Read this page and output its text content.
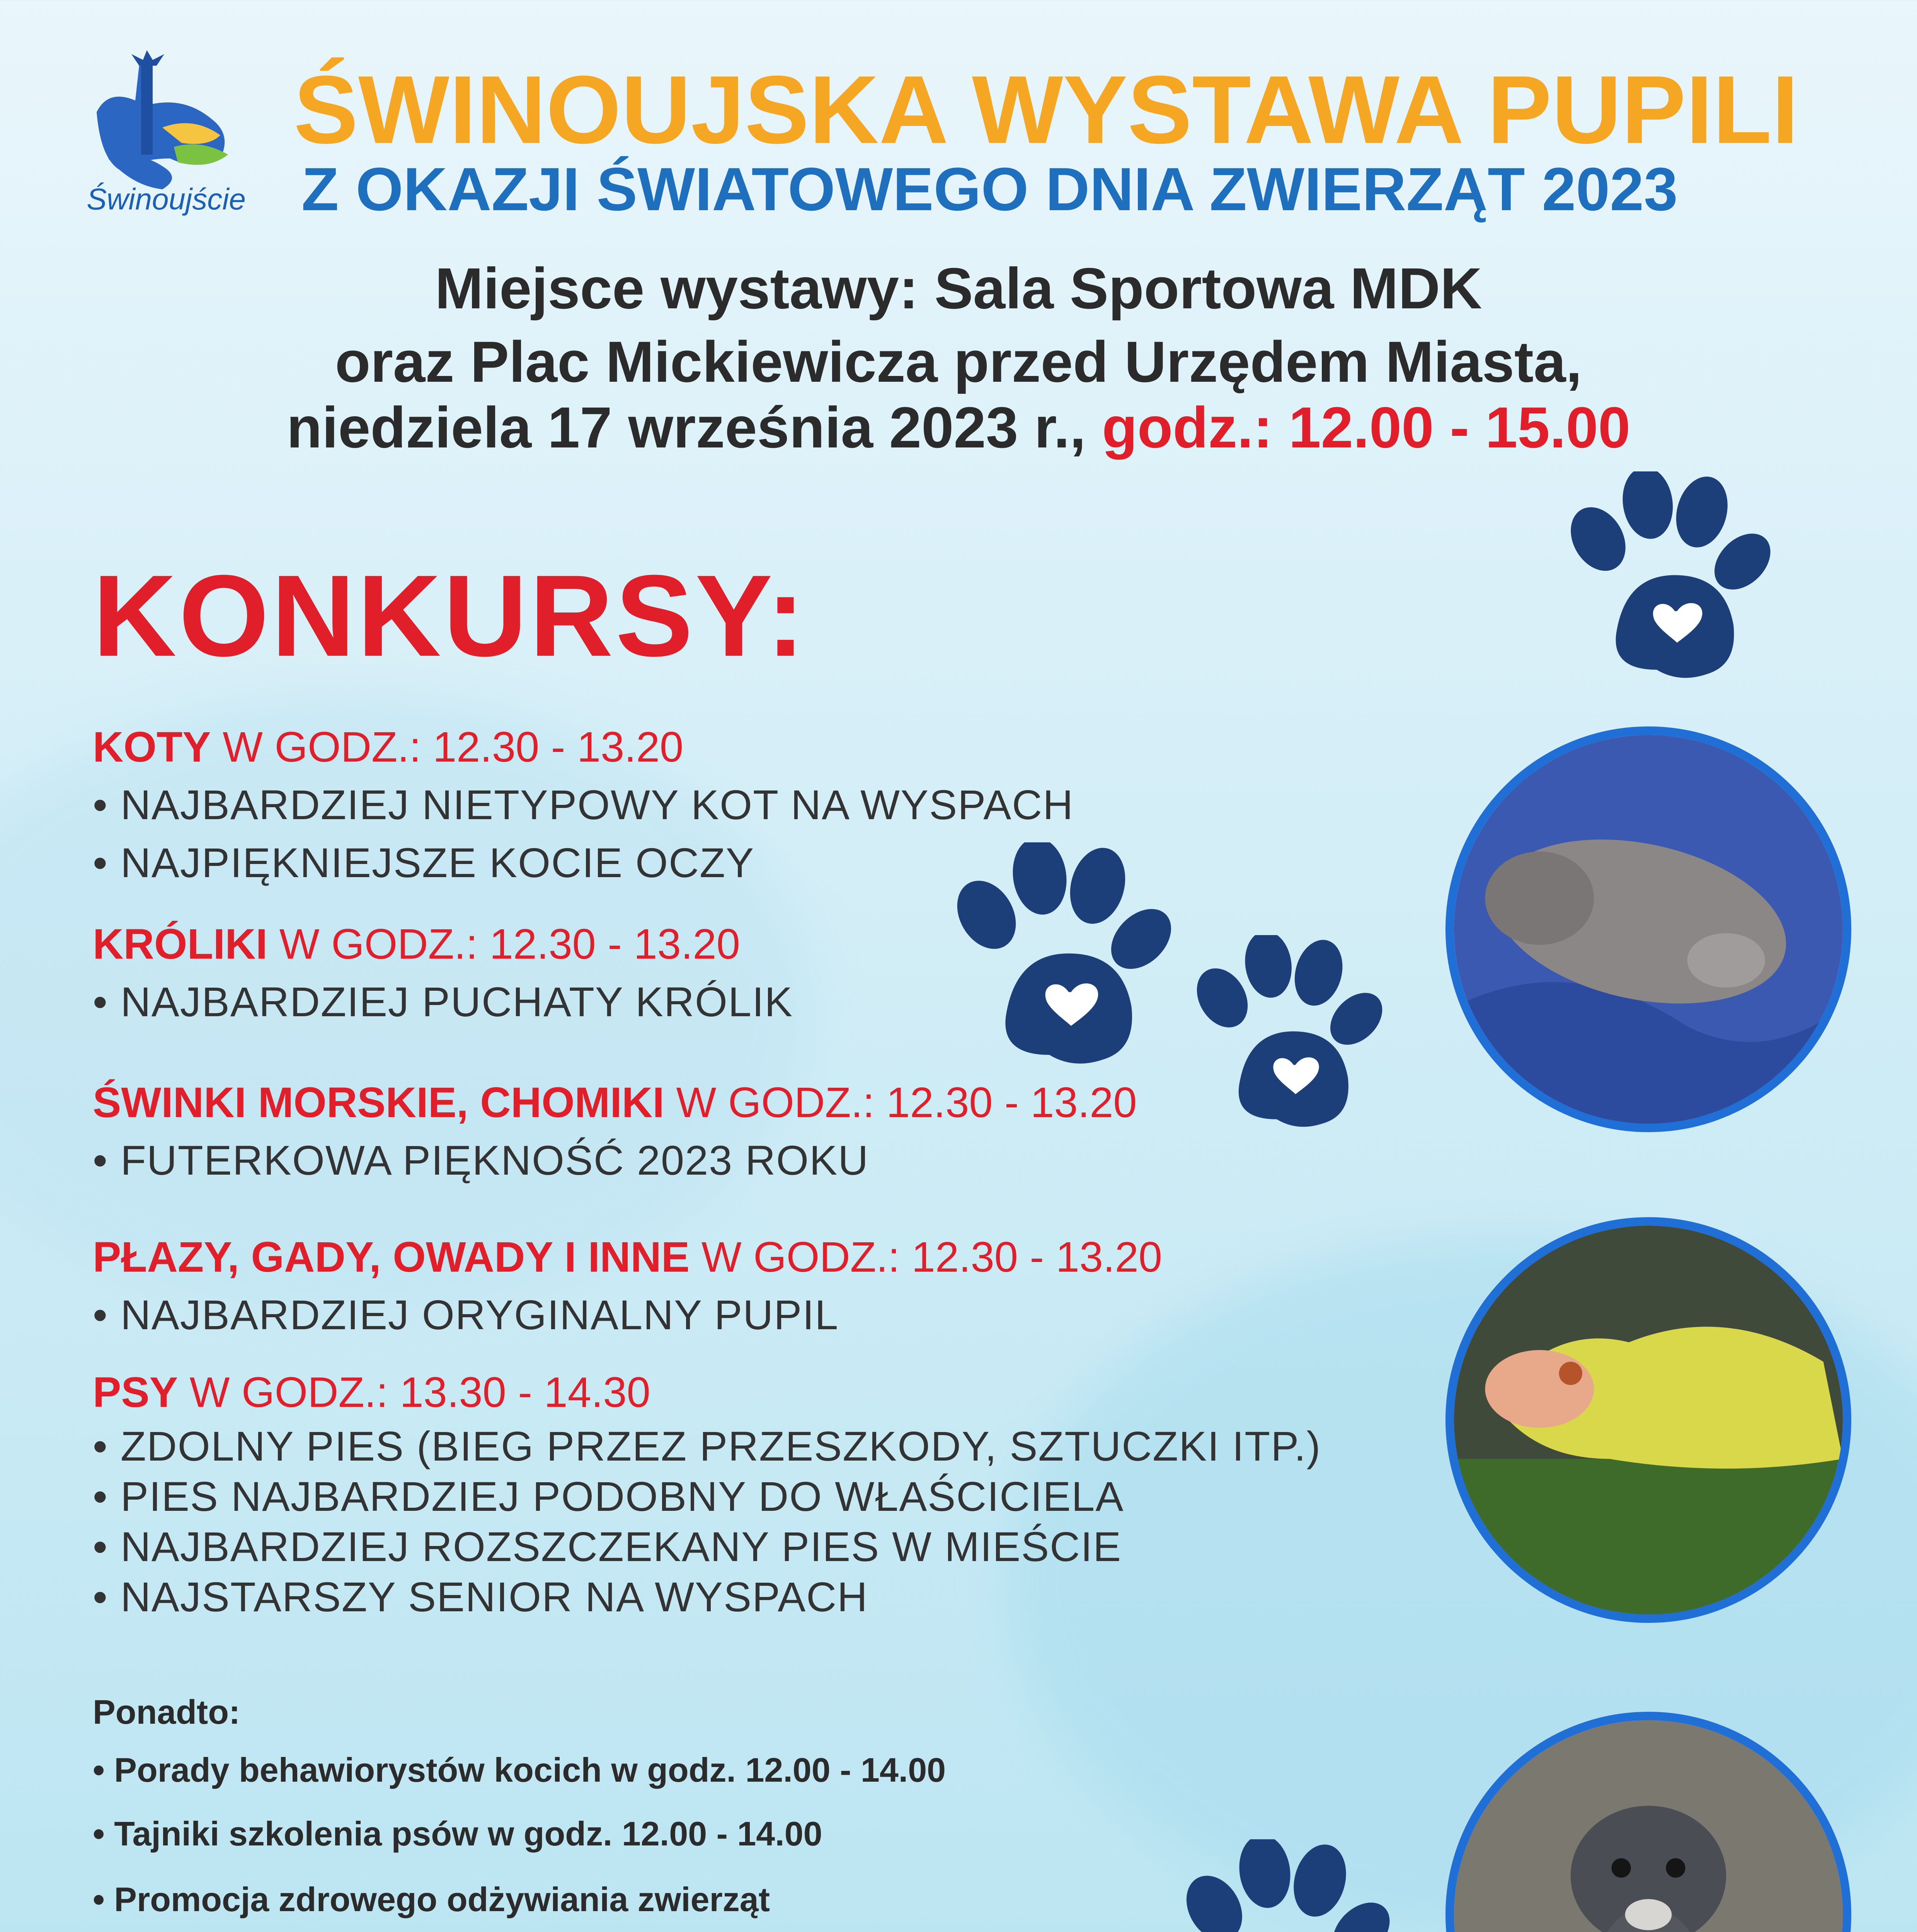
Świnoujście
ŚWINOUJSKA WYSTAWA PUPILI
Z OKAZJI ŚWIATOWEGO DNIA ZWIERZĄT 2023
Miejsce wystawy: Sala Sportowa MDK
oraz Plac Mickiewicza przed Urzędem Miasta,
niedziela 17 września 2023 r., godz.: 12.00 - 15.00
KONKURSY:
KOTY W GODZ.: 12.30 - 13.20
• NAJBARDZIEJ NIETYPOWY KOT NA WYSPACH
• NAJPIĘKNIEJSZE KOCIE OCZY
KRÓLIKI W GODZ.: 12.30 - 13.20
• NAJBARDZIEJ PUCHATY KRÓLIK
ŚWINKI MORSKIE, CHOMIKI W GODZ.: 12.30 - 13.20
• FUTERKOWA PIĘKNOŚĆ 2023 ROKU
PŁAZY, GADY, OWADY I INNE W GODZ.: 12.30 - 13.20
• NAJBARDZIEJ ORYGINALNY PUPIL
PSY W GODZ.: 13.30 - 14.30
• ZDOLNY PIES (BIEG PRZEZ PRZESZKODY, SZTUCZKI ITP.)
• PIES NAJBARDZIEJ PODOBNY DO WŁAŚCICIELA
• NAJBARDZIEJ ROZSZCZEKANY PIES W MIEŚCIE
• NAJSTARSZY SENIOR NA WYSPACH
Ponadto:
• Porady behawiorystów kocich w godz. 12.00 - 14.00
• Tajniki szkolenia psów w godz. 12.00 - 14.00
• Promocja zdrowego odżywiania zwierząt
